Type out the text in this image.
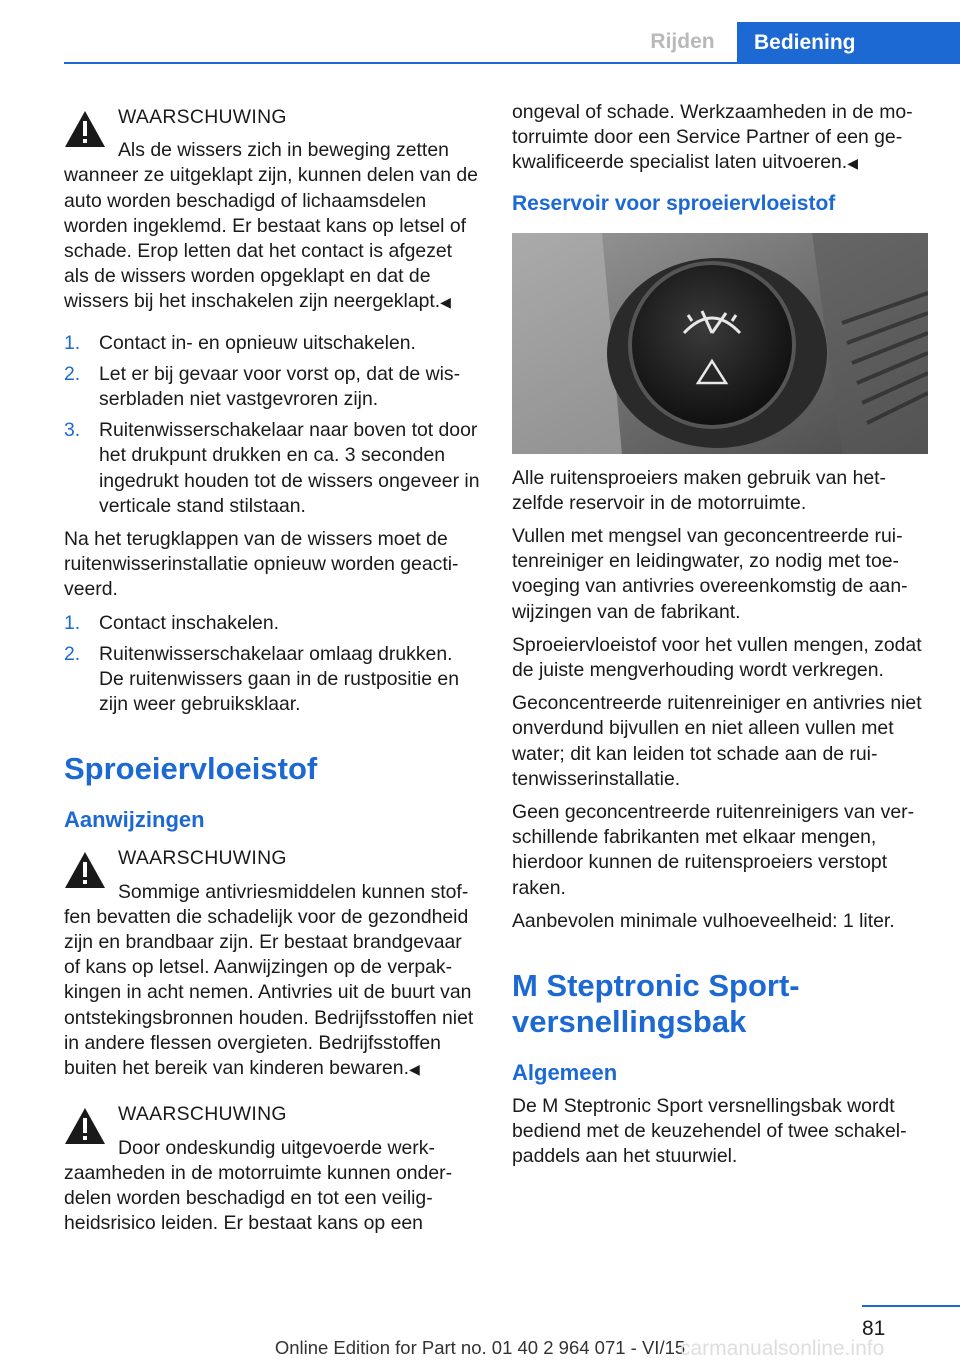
Rijden	Bediening
WAARSCHUWING

Als de wissers zich in beweging zetten wanneer ze uitgeklapt zijn, kunnen delen van de auto worden beschadigd of lichaamsdelen worden ingeklemd. Er bestaat kans op letsel of schade. Erop letten dat het contact is afgezet als de wissers worden opgeklapt en dat de wissers bij het inschakelen zijn neergeklapt.◀

1. Contact in- en opnieuw uitschakelen.
2. Let er bij gevaar voor vorst op, dat de wisserbladen niet vastgevroren zijn.
3. Ruitenwisserschakelaar naar boven tot door het drukpunt drukken en ca. 3 seconden ingedrukt houden tot de wissers ongeveer in verticale stand stilstaan.

Na het terugklappen van de wissers moet de ruitenwisserinstallatie opnieuw worden geactiveerd.

1. Contact inschakelen.
2. Ruitenwisserschakelaar omlaag drukken. De ruitenwissers gaan in de rustpositie en zijn weer gebruiksklaar.
Sproeiervloeistof
Aanwijzingen
WAARSCHUWING

Sommige antivriesmiddelen kunnen stoffen bevatten die schadelijk voor de gezondheid zijn en brandbaar zijn. Er bestaat brandgevaar of kans op letsel. Aanwijzingen op de verpakkingen in acht nemen. Antivries uit de buurt van ontstekingsbronnen houden. Bedrijfsstoffen niet in andere flessen overgieten. Bedrijfsstoffen buiten het bereik van kinderen bewaren.◀

WAARSCHUWING

Door ondeskundig uitgevoerde werkzaamheden in de motorruimte kunnen onderdelen worden beschadigd en tot een veiligheidsrisico leiden. Er bestaat kans op een

ongeval of schade. Werkzaamheden in de motorruimte door een Service Partner of een gekwalificeerde specialist laten uitvoeren.◀

Reservoir voor sproeiervloeistof

Alle ruitensproeiers maken gebruik van hetzelfde reservoir in de motorruimte.

Vullen met mengsel van geconcentreerde ruitenreiniger en leidingwater, zo nodig met toevoeging van antivries overeenkomstig de aanwijzingen van de fabrikant.

Sproeiervloeistof voor het vullen mengen, zodat de juiste mengverhouding wordt verkregen.

Geconcentreerde ruitenreiniger en antivries niet onverdund bijvullen en niet alleen vullen met water; dit kan leiden tot schade aan de ruitenwisserinstallatie.

Geen geconcentreerde ruitenreinigers van verschillende fabrikanten met elkaar mengen, hierdoor kunnen de ruitensproeiers verstopt raken.

Aanbevolen minimale vulhoeveelheid: 1 liter.

M Steptronic Sportversnellingsbak
Algemeen

De M Steptronic Sport versnellingsbak wordt bediend met de keuzehendel of twee schakelpaddels aan het stuurwiel.

81
Online Edition for Part no. 01 40 2 964 071 - VI/15
carmanualsonline.info
